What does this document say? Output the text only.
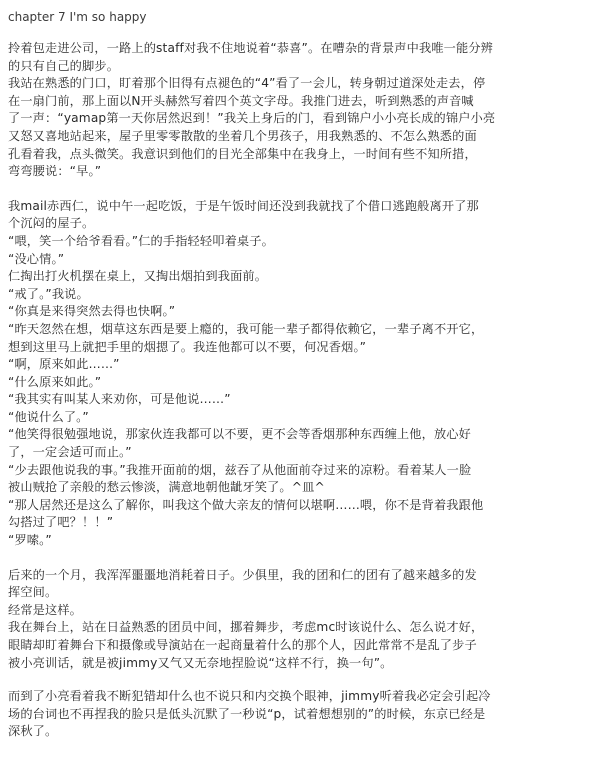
chapter 7 I'm so happy
拎着包走进公司，一路上的staff对我不住地说着“恭喜”。在嘈杂的背景声中我唯一能分辨
的只有自己的脚步。
我站在熟悉的门口，盯着那个旧得有点褪色的“4”看了一会儿，转身朝过道深处走去，停
在一扇门前，那上面以N开头赫然写着四个英文字母。我推门进去，听到熟悉的声音喊
了一声：“yamap第一天你居然迟到！”我关上身后的门，看到锦户小小亮长成的锦户小亮
又怒又喜地站起来，屋子里零零散散的坐着几个男孩子，用我熟悉的、不怎么熟悉的面
孔看着我，点头微笑。我意识到他们的目光全部集中在我身上，一时间有些不知所措，
弯弯腰说：“早。”
我mail赤西仁，说中午一起吃饭，于是午饭时间还没到我就找了个借口逃跑般离开了那
个沉闷的屋子。
“喂，笑一个给爷看看。”仁的手指轻轻叩着桌子。
“没心情。”
仁掏出打火机摆在桌上，又掏出烟拍到我面前。
“戒了。”我说。
“你真是来得突然去得也快啊。”
“昨天忽然在想，烟草这东西是要上瘾的，我可能一辈子都得依赖它，一辈子离不开它，
想到这里马上就把手里的烟摁了。我连他都可以不要，何况香烟。”
“啊，原来如此……”
“什么原来如此。”
“我其实有叫某人来劝你，可是他说……”
“他说什么了。”
“他笑得很勉强地说，那家伙连我都可以不要，更不会等香烟那种东西缠上他，放心好
了，一定会适可而止。”
“少去跟他说我的事。”我推开面前的烟，兹吞了从他面前夺过来的凉粉。看着某人一脸
被山贼抢了亲般的愁云惨淡，满意地朝他龇牙笑了。^皿^
“那人居然还是这么了解你，叫我这个做大亲友的情何以堪啊……喂，你不是背着我跟他
勾搭过了吧？！！”
“罗嗦。”
后来的一个月，我浑浑噩噩地消耗着日子。少俱里，我的团和仁的团有了越来越多的发
挥空间。
经常是这样。
我在舞台上，站在日益熟悉的团员中间，挪着舞步，考虑mc时该说什么、怎么说才好，
眼睛却盯着舞台下和摄像或导演站在一起商量着什么的那个人，因此常常不是乱了步子
被小亮训话，就是被jimmy又气又无奈地捏脸说“这样不行，换一句”。
而到了小亮看着我不断犯错却什么也不说只和内交换个眼神，jimmy听着我必定会引起冷
场的台词也不再捏我的脸只是低头沉默了一秒说“p，试着想想别的”的时候，东京已经是
深秋了。
